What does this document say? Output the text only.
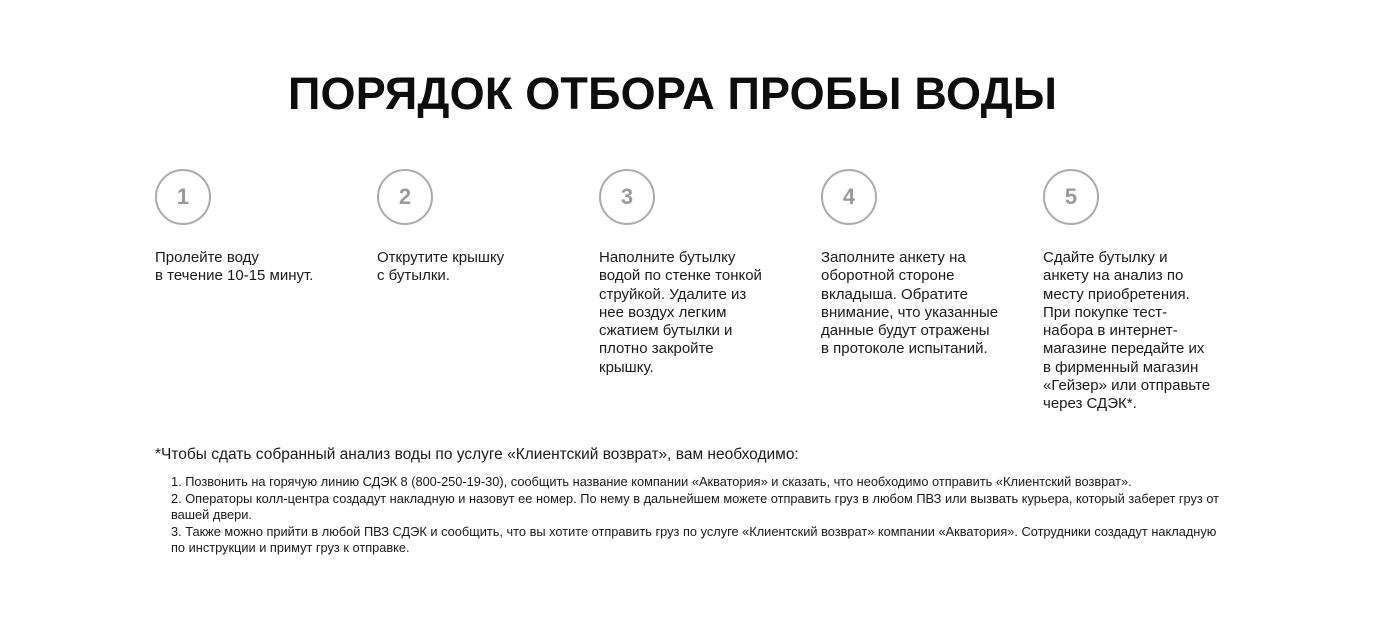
ПОРЯДОК ОТБОРА ПРОБЫ ВОДЫ
1
Пролейте воду
в течение 10-15 минут.
2
Открутите крышку
с бутылки.
3
Наполните бутылку
водой по стенке тонкой
струйкой. Удалите из
нее воздух легким
сжатием бутылки и
плотно закройте
крышку.
4
Заполните анкету на
оборотной стороне
вкладыша. Обратите
внимание, что указанные
данные будут отражены
в протоколе испытаний.
5
Сдайте бутылку и
анкету на анализ по
месту приобретения.
При покупке тест-
набора в интернет-
магазине передайте их
в фирменный магазин
«Гейзер» или отправьте
через СДЭК*.

*Чтобы сдать собранный анализ воды по услуге «Клиентский возврат», вам необходимо:

1. Позвонить на горячую линию СДЭК 8 (800-250-19-30), сообщить название компании «Акватория» и сказать, что необходимо отправить «Клиентский возврат».
2. Операторы колл-центра создадут накладную и назовут ее номер. По нему в дальнейшем можете отправить груз в любом ПВЗ или вызвать курьера, который заберет груз от вашей двери.
3. Также можно прийти в любой ПВЗ СДЭК и сообщить, что вы хотите отправить груз по услуге «Клиентский возврат» компании «Акватория». Сотрудники создадут накладную по инструкции и примут груз к отправке.
